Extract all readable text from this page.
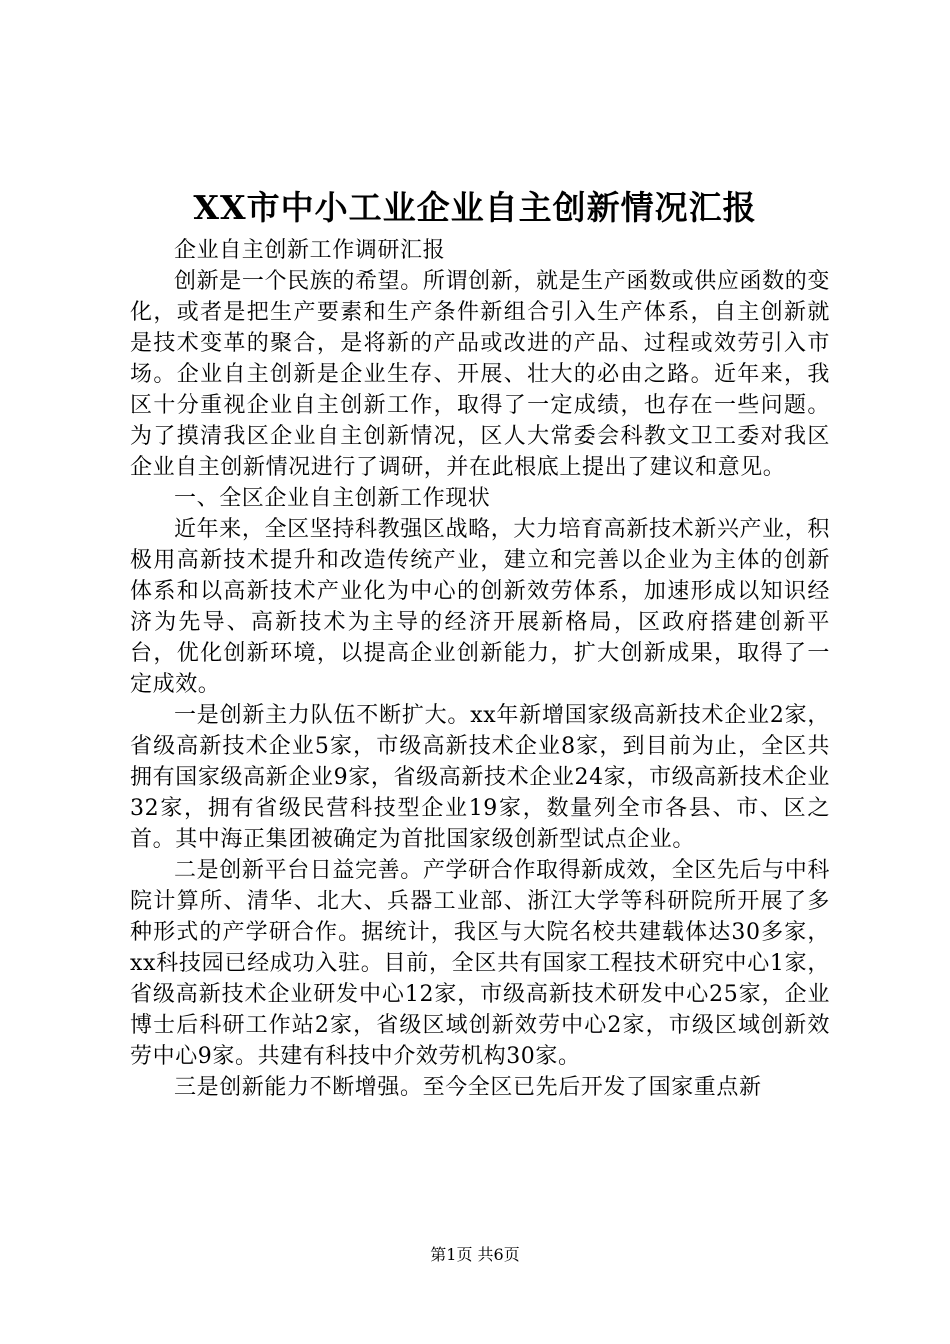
XX市中小工业企业自主创新情况汇报

企业自主创新工作调研汇报

创新是一个民族的希望。所谓创新，就是生产函数或供应函数的变化，或者是把生产要素和生产条件新组合引入生产体系，自主创新就是技术变革的聚合，是将新的产品或改进的产品、过程或效劳引入市场。企业自主创新是企业生存、开展、壮大的必由之路。近年来，我区十分重视企业自主创新工作，取得了一定成绩，也存在一些问题。为了摸清我区企业自主创新情况，区人大常委会科教文卫工委对我区企业自主创新情况进行了调研，并在此根底上提出了建议和意见。

一、全区企业自主创新工作现状

近年来，全区坚持科教强区战略，大力培育高新技术新兴产业，积极用高新技术提升和改造传统产业，建立和完善以企业为主体的创新体系和以高新技术产业化为中心的创新效劳体系，加速形成以知识经济为先导、高新技术为主导的经济开展新格局，区政府搭建创新平台，优化创新环境，以提高企业创新能力，扩大创新成果，取得了一定成效。

一是创新主力队伍不断扩大。xx年新增国家级高新技术企业2家，省级高新技术企业5家，市级高新技术企业8家，到目前为止，全区共拥有国家级高新企业9家，省级高新技术企业24家，市级高新技术企业32家，拥有省级民营科技型企业19家，数量列全市各县、市、区之首。其中海正集团被确定为首批国家级创新型试点企业。

二是创新平台日益完善。产学研合作取得新成效，全区先后与中科院计算所、清华、北大、兵器工业部、浙江大学等科研院所开展了多种形式的产学研合作。据统计，我区与大院名校共建载体达30多家，xx科技园已经成功入驻。目前，全区共有国家工程技术研究中心1家，省级高新技术企业研发中心12家，市级高新技术研发中心25家，企业博士后科研工作站2家，省级区域创新效劳中心2家，市级区域创新效劳中心9家。共建有科技中介效劳机构30家。

三是创新能力不断增强。至今全区已先后开发了国家重点新

第1页 共6页
